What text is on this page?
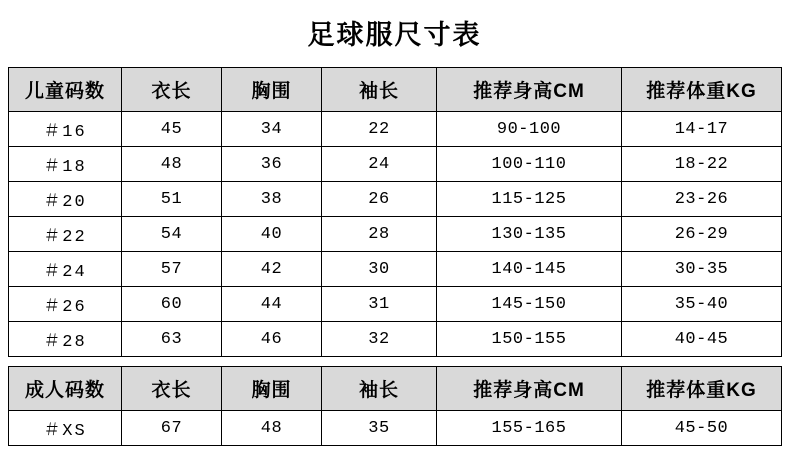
足球服尺寸表
儿童码数	衣长	胸围	袖长	推荐身高CM	推荐体重KG
＃16	45	34	22	90-100	14-17
＃18	48	36	24	100-110	18-22
＃20	51	38	26	115-125	23-26
＃22	54	40	28	130-135	26-29
＃24	57	42	30	140-145	30-35
＃26	60	44	31	145-150	35-40
＃28	63	46	32	150-155	40-45
成人码数	衣长	胸围	袖长	推荐身高CM	推荐体重KG
＃XS	67	48	35	155-165	45-50
